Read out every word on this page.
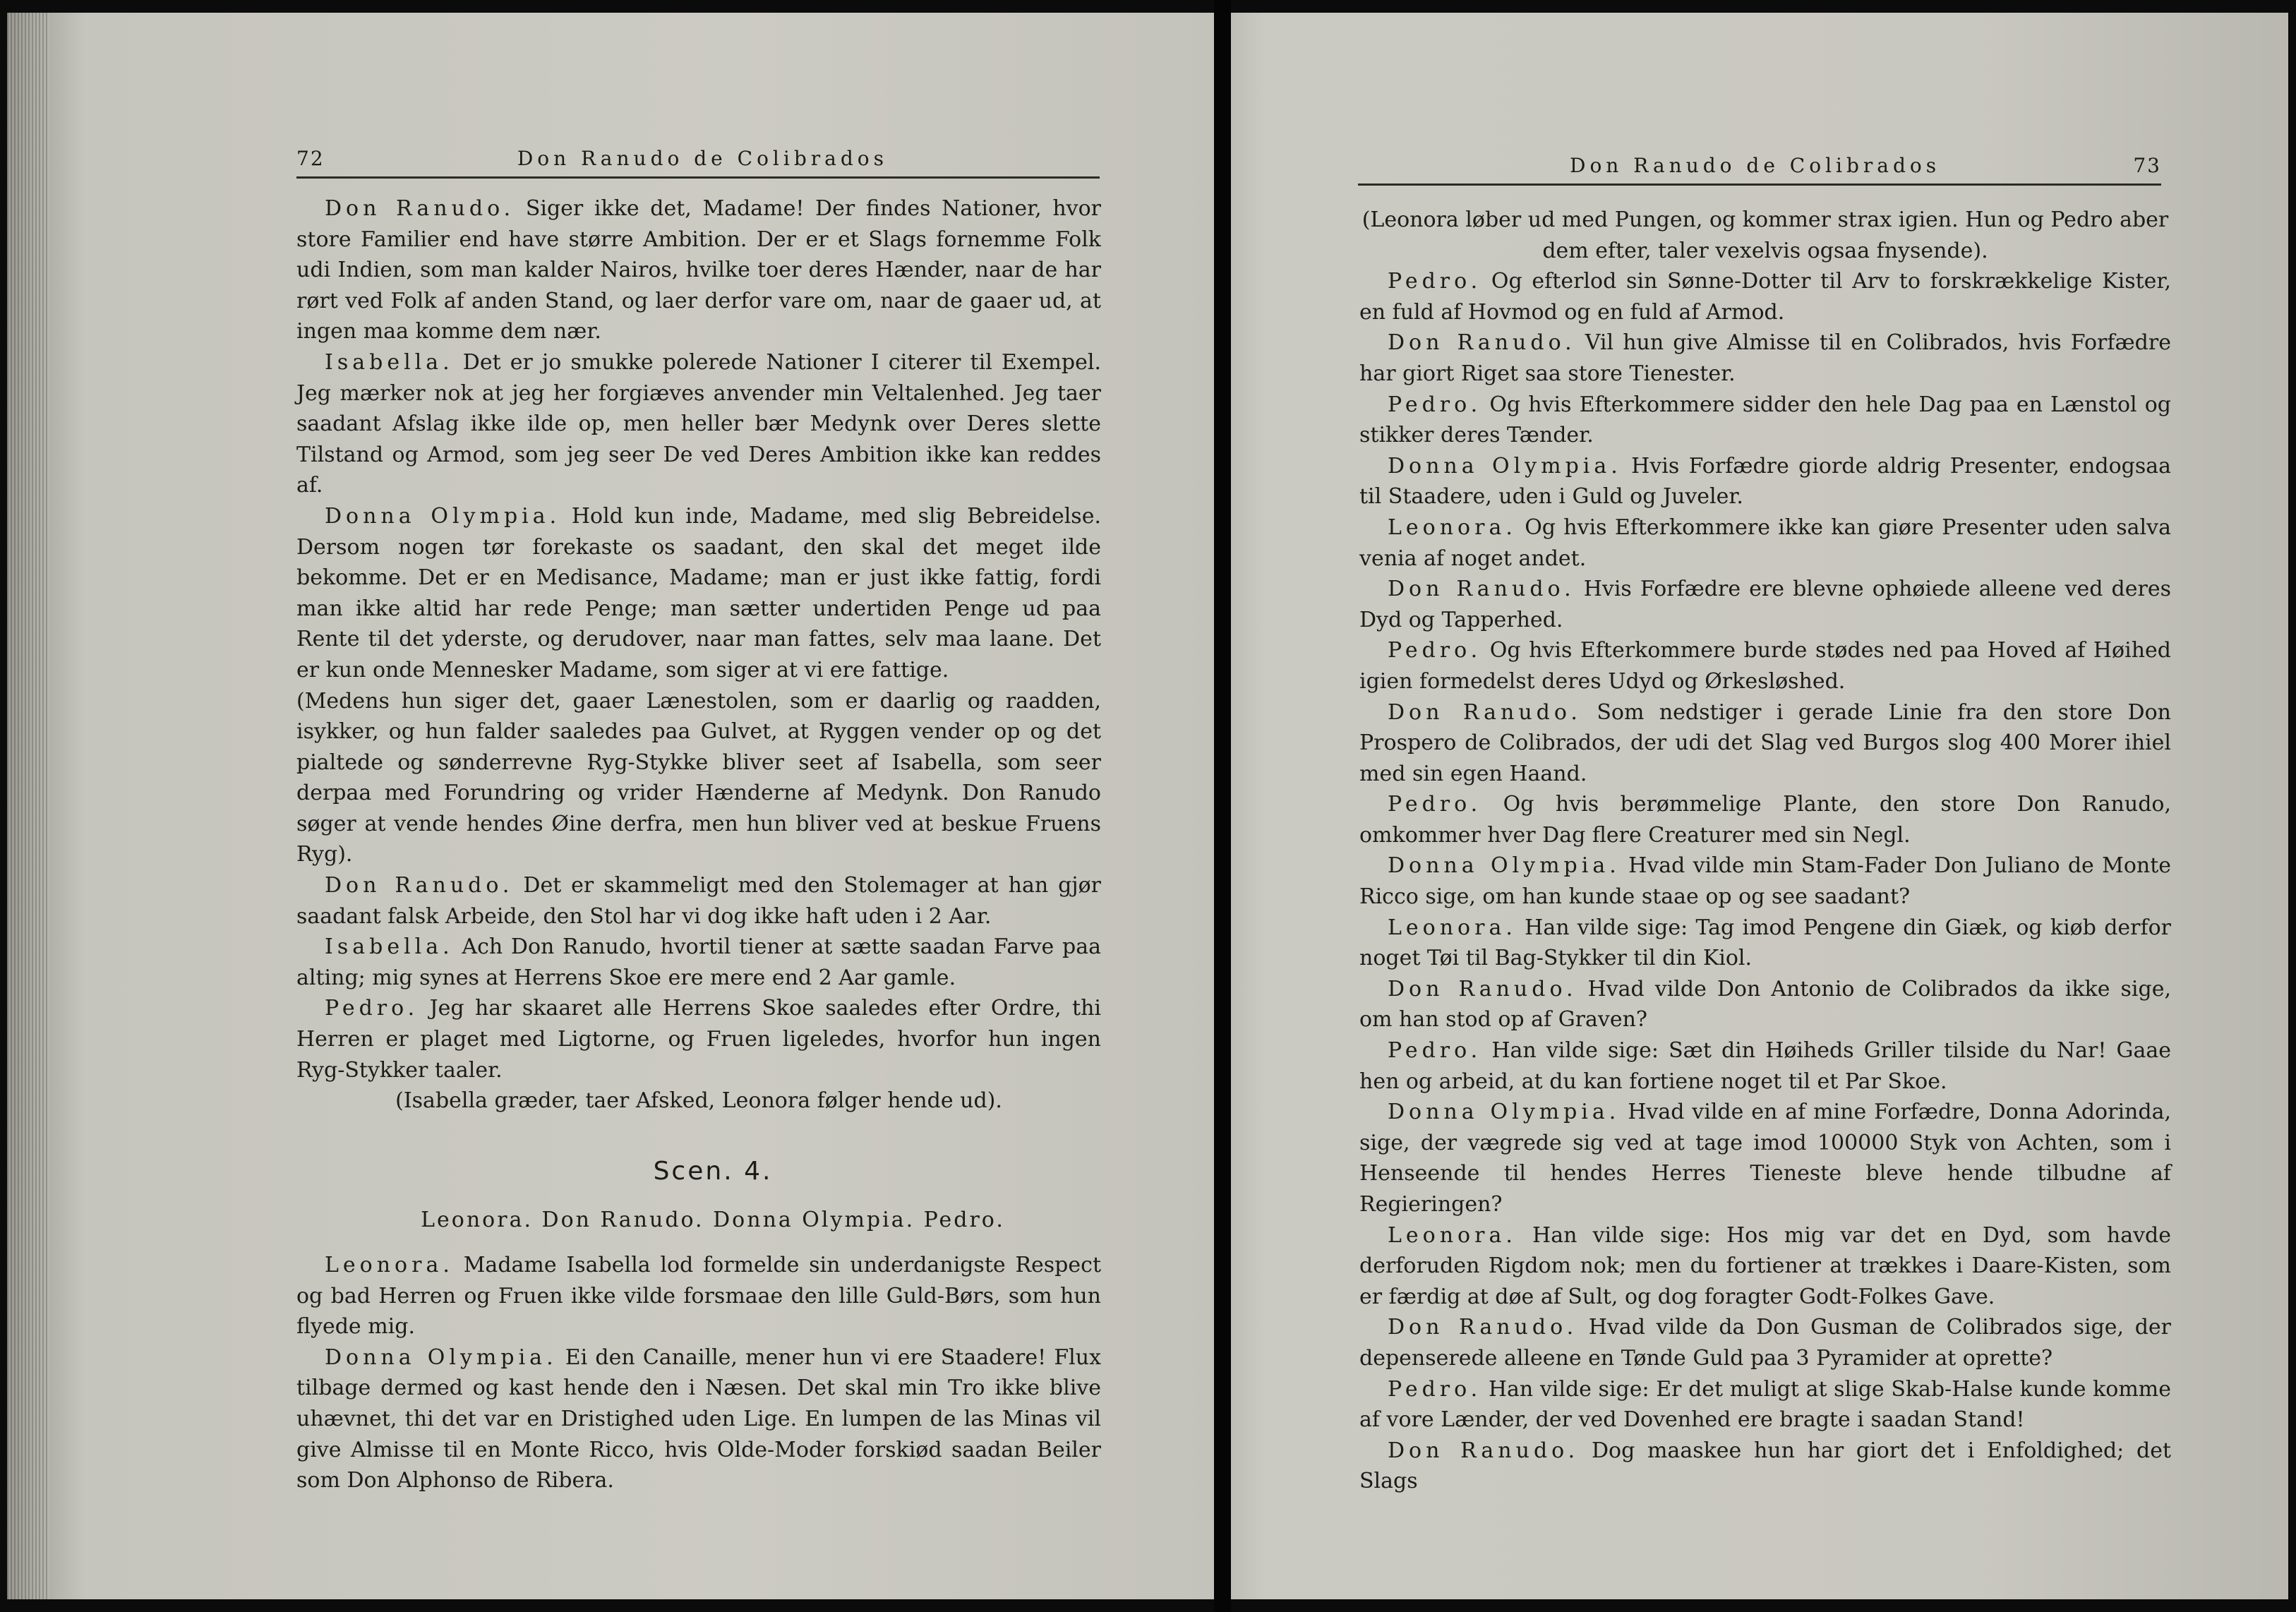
72	Don Ranudo de Colibrados

Don Ranudo. Siger ikke det, Madame! Der findes Nationer, hvor store Familier end have større Ambition. Der er et Slags fornemme Folk udi Indien, som man kalder Nairos, hvilke toer deres Hænder, naar de har rørt ved Folk af anden Stand, og laer derfor vare om, naar de gaaer ud, at ingen maa komme dem nær.

Isabella. Det er jo smukke polerede Nationer I citerer til Exempel. Jeg mærker nok at jeg her forgiæves anvender min Veltalenhed. Jeg taer saadant Afslag ikke ilde op, men heller bær Medynk over Deres slette Tilstand og Armod, som jeg seer De ved Deres Ambition ikke kan reddes af.

Donna Olympia. Hold kun inde, Madame, med slig Bebreidelse. Dersom nogen tør forekaste os saadant, den skal det meget ilde bekomme. Det er en Medisance, Madame; man er just ikke fattig, fordi man ikke altid har rede Penge; man sætter undertiden Penge ud paa Rente til det yderste, og derudover, naar man fattes, selv maa laane. Det er kun onde Mennesker Madame, som siger at vi ere fattige.

(Medens hun siger det, gaaer Lænestolen, som er daarlig og raadden, isykker, og hun falder saaledes paa Gulvet, at Ryggen vender op og det pialtede og sønderrevne Ryg-Stykke bliver seet af Isabella, som seer derpaa med Forundring og vrider Hænderne af Medynk. Don Ranudo søger at vende hendes Øine derfra, men hun bliver ved at beskue Fruens Ryg).

Don Ranudo. Det er skammeligt med den Stolemager at han gjør saadant falsk Arbeide, den Stol har vi dog ikke haft uden i 2 Aar.

Isabella. Ach Don Ranudo, hvortil tiener at sætte saadan Farve paa alting; mig synes at Herrens Skoe ere mere end 2 Aar gamle.

Pedro. Jeg har skaaret alle Herrens Skoe saaledes efter Ordre, thi Herren er plaget med Ligtorne, og Fruen ligeledes, hvorfor hun ingen Ryg-Stykker taaler.

(Isabella græder, taer Afsked, Leonora følger hende ud).

Scen. 4.

Leonora. Don Ranudo. Donna Olympia. Pedro.

Leonora. Madame Isabella lod formelde sin underdanigste Respect og bad Herren og Fruen ikke vilde forsmaae den lille Guld-Børs, som hun flyede mig.

Donna Olympia. Ei den Canaille, mener hun vi ere Staadere! Flux tilbage dermed og kast hende den i Næsen. Det skal min Tro ikke blive uhævnet, thi det var en Dristighed uden Lige. En lumpen de las Minas vil give Almisse til en Monte Ricco, hvis Olde-Moder forskiød saadan Beiler som Don Alphonso de Ribera.

Don Ranudo de Colibrados	73

(Leonora løber ud med Pungen, og kommer strax igien. Hun og Pedro aber dem efter, taler vexelvis ogsaa fnysende).

Pedro. Og efterlod sin Sønne-Dotter til Arv to forskrækkelige Kister, en fuld af Hovmod og en fuld af Armod.

Don Ranudo. Vil hun give Almisse til en Colibrados, hvis Forfædre har giort Riget saa store Tienester.

Pedro. Og hvis Efterkommere sidder den hele Dag paa en Lænstol og stikker deres Tænder.

Donna Olympia. Hvis Forfædre giorde aldrig Presenter, endogsaa til Staadere, uden i Guld og Juveler.

Leonora. Og hvis Efterkommere ikke kan giøre Presenter uden salva venia af noget andet.

Don Ranudo. Hvis Forfædre ere blevne ophøiede alleene ved deres Dyd og Tapperhed.

Pedro. Og hvis Efterkommere burde stødes ned paa Hoved af Høihed igien formedelst deres Udyd og Ørkesløshed.

Don Ranudo. Som nedstiger i gerade Linie fra den store Don Prospero de Colibrados, der udi det Slag ved Burgos slog 400 Morer ihiel med sin egen Haand.

Pedro. Og hvis berømmelige Plante, den store Don Ranudo, omkommer hver Dag flere Creaturer med sin Negl.

Donna Olympia. Hvad vilde min Stam-Fader Don Juliano de Monte Ricco sige, om han kunde staae op og see saadant?

Leonora. Han vilde sige: Tag imod Pengene din Giæk, og kiøb derfor noget Tøi til Bag-Stykker til din Kiol.

Don Ranudo. Hvad vilde Don Antonio de Colibrados da ikke sige, om han stod op af Graven?

Pedro. Han vilde sige: Sæt din Høiheds Griller tilside du Nar! Gaae hen og arbeid, at du kan fortiene noget til et Par Skoe.

Donna Olympia. Hvad vilde en af mine Forfædre, Donna Adorinda, sige, der vægrede sig ved at tage imod 100000 Styk von Achten, som i Henseende til hendes Herres Tieneste bleve hende tilbudne af Regieringen?

Leonora. Han vilde sige: Hos mig var det en Dyd, som havde derforuden Rigdom nok; men du fortiener at trækkes i Daare-Kisten, som er færdig at døe af Sult, og dog foragter Godt-Folkes Gave.

Don Ranudo. Hvad vilde da Don Gusman de Colibrados sige, der depenserede alleene en Tønde Guld paa 3 Pyramider at oprette?

Pedro. Han vilde sige: Er det muligt at slige Skab-Halse kunde komme af vore Lænder, der ved Dovenhed ere bragte i saadan Stand!

Don Ranudo. Dog maaskee hun har giort det i Enfoldighed; det Slags
